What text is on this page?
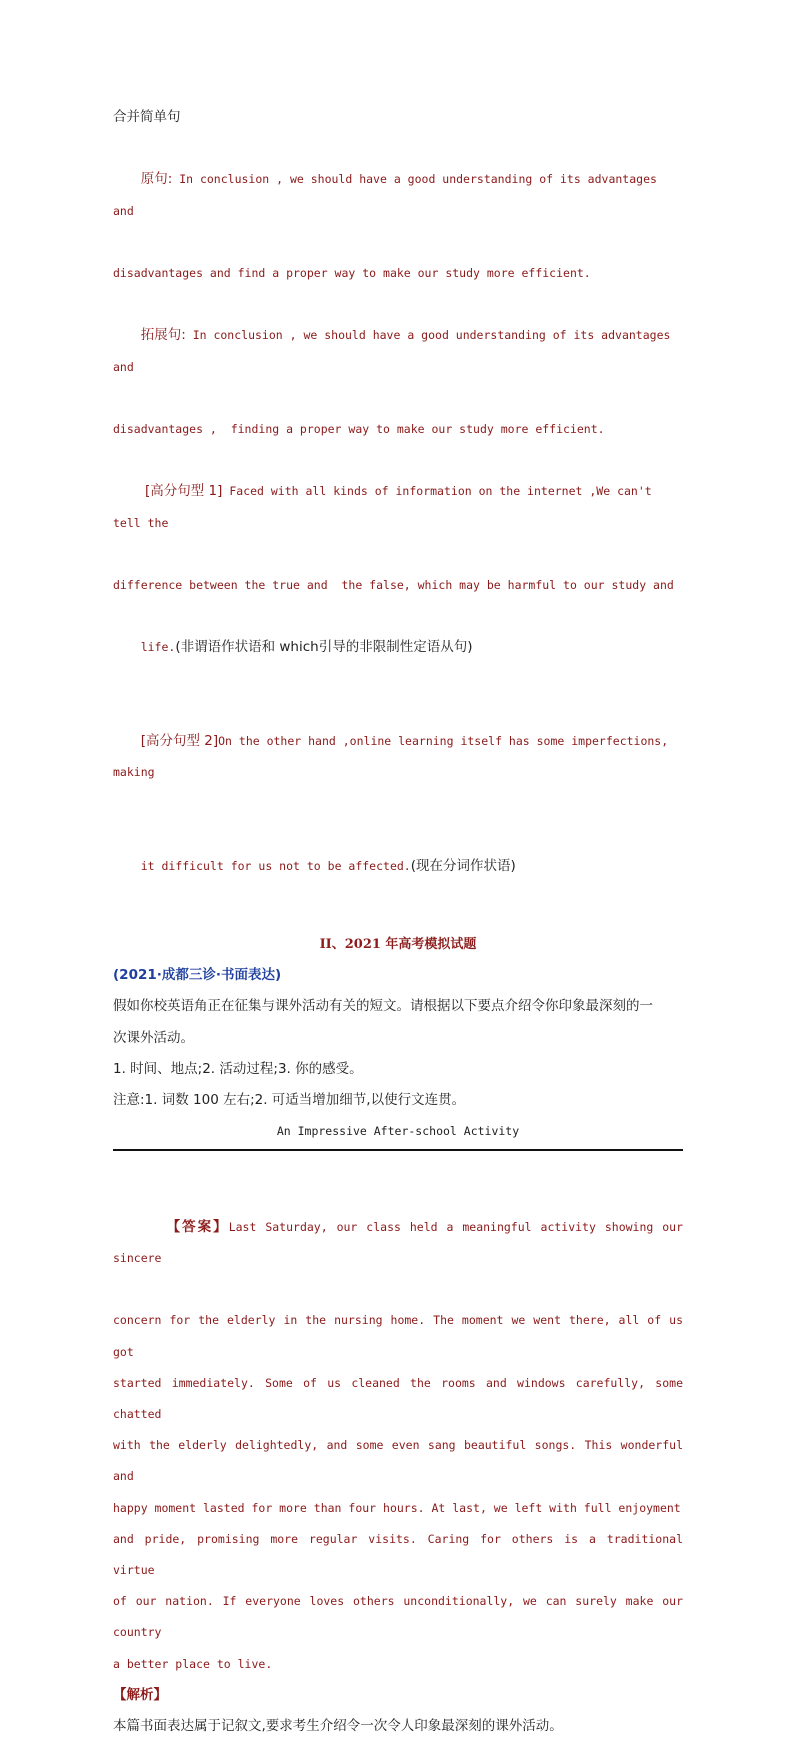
合并简单句

原句: In conclusion , we should have a good understanding of its advantages and

disadvantages and find a proper way to make our study more efficient.

拓展句: In conclusion , we should have a good understanding of its advantages and

disadvantages ,  finding a proper way to make our study more efficient.

[高分句型 1] Faced with all kinds of information on the internet ,We can't tell the

difference between the true and  the false, which may be harmful to our study and

life.(非谓语作状语和 which引导的非限制性定语从句)

[高分句型 2]On the other hand ,online learning itself has some imperfections, making

it difficult for us not to be affected.(现在分词作状语)

II、2021 年高考模拟试题
(2021·成都三诊·书面表达)
假如你校英语角正在征集与课外活动有关的短文。请根据以下要点介绍令你印象最深刻的一
次课外活动。
1. 时间、地点;2. 活动过程;3. 你的感受。
注意:1. 词数 100 左右;2. 可适当增加细节,以使行文连贯。
An Impressive After-school Activity

【答案】Last Saturday, our class held a meaningful activity showing our sincere

concern for the elderly in the nursing home. The moment we went there, all of us got
started immediately. Some of us cleaned the rooms and windows carefully, some chatted
with the elderly delightedly, and some even sang beautiful songs. This wonderful and
happy moment lasted for more than four hours. At last, we left with full enjoyment
and pride, promising more regular visits. Caring for others is a traditional virtue
of our nation. If everyone loves others unconditionally, we can surely make our country
a better place to live.
【解析】
本篇书面表达属于记叙文,要求考生介绍令一次令人印象最深刻的课外活动。
